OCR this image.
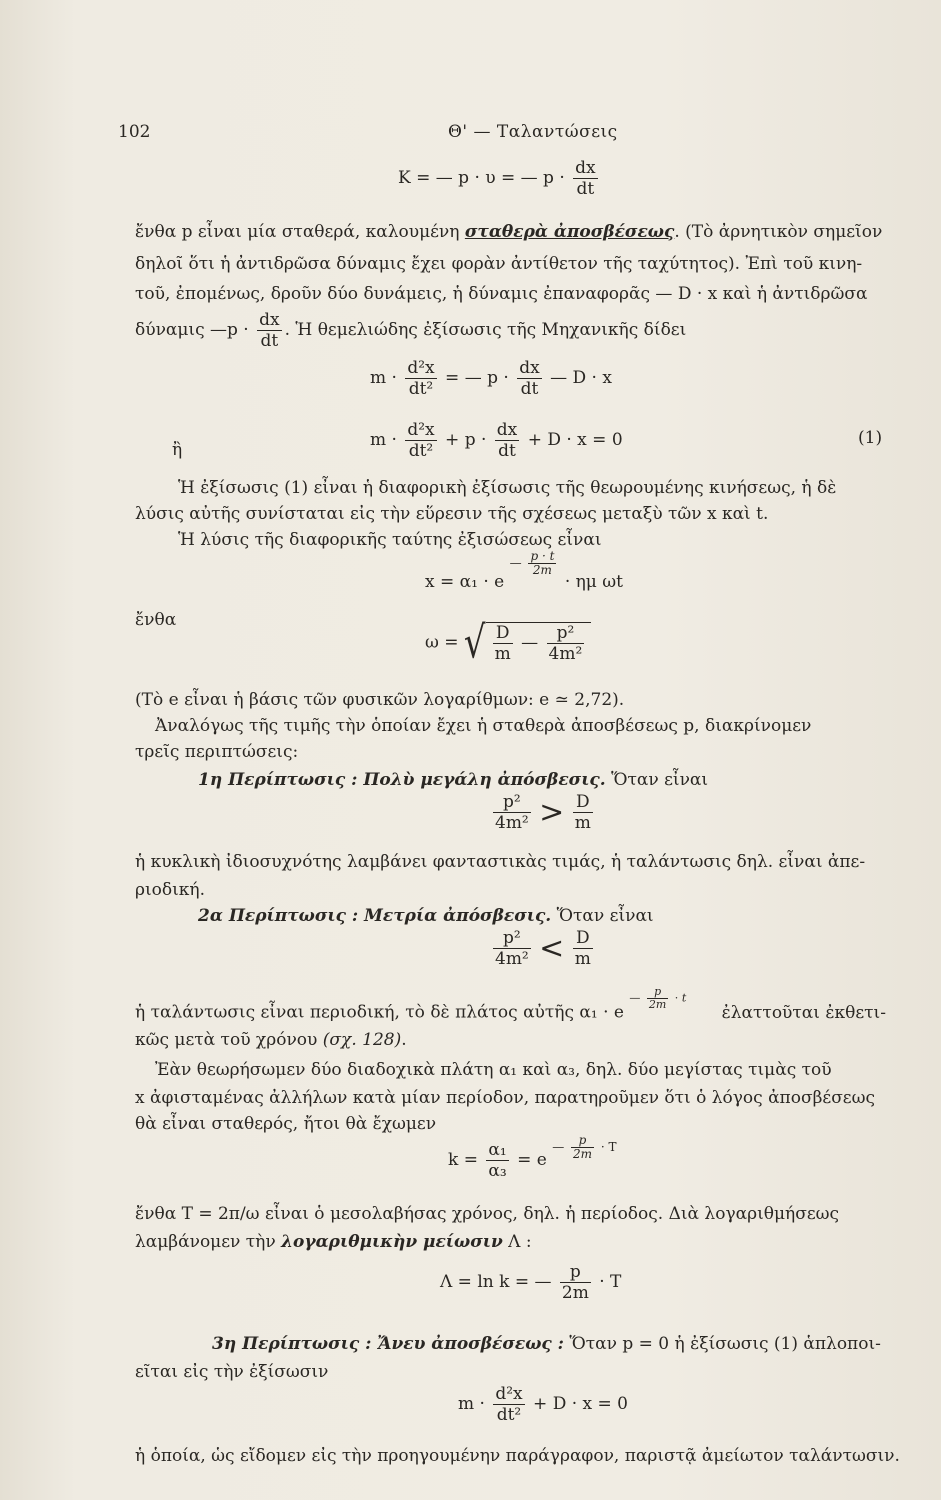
102	Θ' — Ταλαντώσεις
K = — p · υ = — $p \cdot \frac{dx}{dt}$
ἔνθα p εἶναι μία σταθερά, καλουμένη σταθερὰ ἀποσβέσεως. (Τὸ ἀρνητικὸν σημεῖον
δηλοῖ ὅτι ἡ ἀντιδρῶσα δύναμις ἔχει φορὰν ἀντίθετον τῆς ταχύτητος). Ἐπὶ τοῦ κινη-
τοῦ, ἐπομένως, δροῦν δύο δυνάμεις, ἡ δύναμις ἐπαναφορᾶς — D · x καὶ ἡ ἀντιδρῶσα
δύναμις —p · $\frac{dx}{dt}$ . Ἡ θεμελιώδης ἐξίσωσις τῆς Μηχανικῆς δίδει
$m \cdot \frac{\text{d²x}}{\text{dt²}}$ = — $p \cdot \frac{dx}{dt}$ — D · x
ἢ	$m \cdot \frac{\text{d²x}}{\text{dt²}} + p \cdot \frac{dx}{dt} + D \cdot x = 0$	(1)
Ἡ ἐξίσωσις (1) εἶναι ἡ διαφορικὴ ἐξίσωσις τῆς θεωρουμένης κινήσεως, ἡ δὲ
λύσις αὐτῆς συνίσταται εἰς τὴν εὕρεσιν τῆς σχέσεως μεταξὺ τῶν x καὶ t.
Ἡ λύσις τῆς διαφορικῆς ταύτης ἐξισώσεως εἶναι
x = α₁ · e — $\frac{p \cdot t}{2m}$
· ημ ωt
ἔνθα
ω = √ $\frac{D}{m}$ — $\frac{\text{p²}}{\text{4m²}}$
(Τὸ e εἶναι ἡ βάσις τῶν φυσικῶν λογαρίθμων: e ≃ 2,72).
Ἀναλόγως τῆς τιμῆς τὴν ὁποίαν ἔχει ἡ σταθερὰ ἀποσβέσεως p, διακρίνομεν
τρεῖς περιπτώσεις:
1η Περίπτωσις : Πολὺ μεγάλη ἀπόσβεσις. Ὅταν εἶναι
$\frac{\text{p²}}{\text{4m²}} > \frac{D}{m}$
ἡ κυκλικὴ ἰδιοσυχνότης λαμβάνει φανταστικὰς τιμάς, ἡ ταλάντωσις δηλ. εἶναι ἀπε-
ριοδική.
2α Περίπτωσις : Μετρία ἀπόσβεσις. Ὅταν εἶναι
$\frac{\text{p²}}{\text{4m²}} < \frac{D}{m}$
ἡ ταλάντωσις εἶναι περιοδική, τὸ δὲ πλάτος αὐτῆς α₁ · e — $\frac{p}{2m} \cdot t$ ἐλαττοῦται ἐκθετι-
κῶς μετὰ τοῦ χρόνου (σχ. 128).
Ἐὰν θεωρήσωμεν δύο διαδοχικὰ πλάτη α₁ καὶ α₃, δηλ. δύο μεγίστας τιμὰς τοῦ
x ἀφισταμένας ἀλλήλων κατὰ μίαν περίοδον, παρατηροῦμεν ὅτι ὁ λόγος ἀποσβέσεως
θὰ εἶναι σταθερός, ἤτοι θὰ ἔχωμεν
$k = \frac{\text{α₁}}{\text{α₃}} = e$ — $\frac{p}{2m} \cdot T$
ἔνθα T = 2π/ω εἶναι ὁ μεσολαβήσας χρόνος, δηλ. ἡ περίοδος. Διὰ λογαριθμήσεως
λαμβάνομεν τὴν λογαριθμικὴν μείωσιν Λ :
Λ = ln k = — $\frac{p}{2m} \cdot T$
3η Περίπτωσις : Ἄνευ ἀποσβέσεως : Ὅταν p = 0 ἡ ἐξίσωσις (1) ἁπλοποι-
εῖται εἰς τὴν ἐξίσωσιν
$m \cdot \frac{\text{d²x}}{\text{dt²}} + D \cdot x = 0$
ἡ ὁποία, ὡς εἴδομεν εἰς τὴν προηγουμένην παράγραφον, παριστᾷ ἀμείωτον ταλάντωσιν.
